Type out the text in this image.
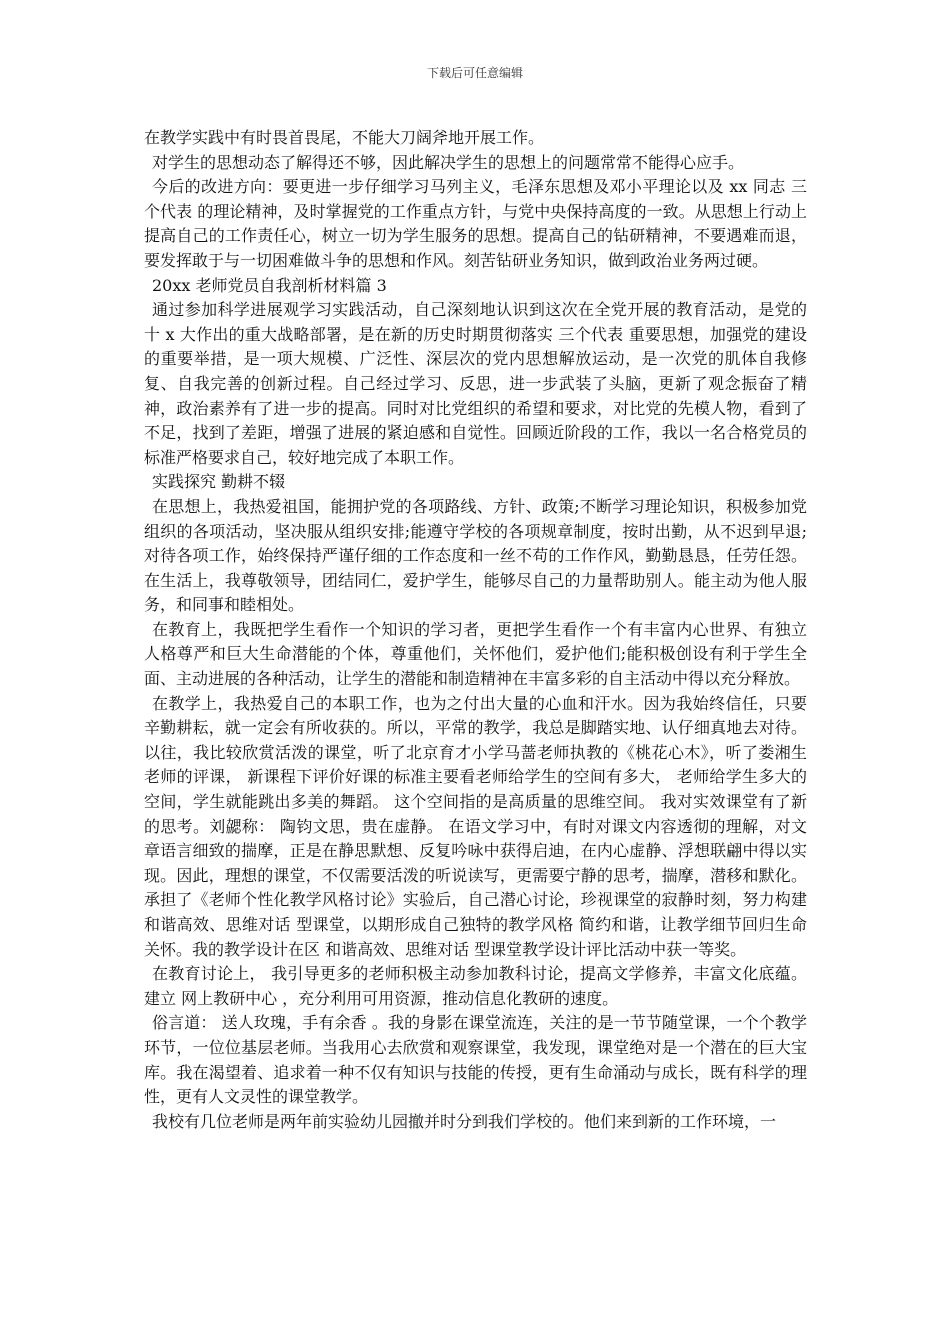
下载后可任意编辑

在教学实践中有时畏首畏尾，不能大刀阔斧地开展工作。

对学生的思想动态了解得还不够，因此解决学生的思想上的问题常常不能得心应手。

今后的改进方向：要更进一步仔细学习马列主义，毛泽东思想及邓小平理论以及 xx 同志 三个代表 的理论精神，及时掌握党的工作重点方针，与党中央保持高度的一致。从思想上行动上提高自己的工作责任心，树立一切为学生服务的思想。提高自己的钻研精神，不要遇难而退，要发挥敢于与一切困难做斗争的思想和作风。刻苦钻研业务知识，做到政治业务两过硬。

20xx 老师党员自我剖析材料篇 3

通过参加科学进展观学习实践活动，自己深刻地认识到这次在全党开展的教育活动，是党的十 x 大作出的重大战略部署，是在新的历史时期贯彻落实 三个代表 重要思想，加强党的建设的重要举措，是一项大规模、广泛性、深层次的党内思想解放运动，是一次党的肌体自我修复、自我完善的创新过程。自己经过学习、反思，进一步武装了头脑，更新了观念振奋了精神，政治素养有了进一步的提高。同时对比党组织的希望和要求，对比党的先模人物，看到了不足，找到了差距，增强了进展的紧迫感和自觉性。回顾近阶段的工作，我以一名合格党员的标准严格要求自己，较好地完成了本职工作。

实践探究 勤耕不辍

在思想上，我热爱祖国，能拥护党的各项路线、方针、政策;不断学习理论知识，积极参加党组织的各项活动，坚决服从组织安排;能遵守学校的各项规章制度，按时出勤，从不迟到早退;对待各项工作，始终保持严谨仔细的工作态度和一丝不苟的工作作风，勤勤恳恳，任劳任怨。在生活上，我尊敬领导，团结同仁，爱护学生，能够尽自己的力量帮助别人。能主动为他人服务，和同事和睦相处。

在教育上，我既把学生看作一个知识的学习者，更把学生看作一个有丰富内心世界、有独立人格尊严和巨大生命潜能的个体，尊重他们，关怀他们，爱护他们;能积极创设有利于学生全面、主动进展的各种活动，让学生的潜能和制造精神在丰富多彩的自主活动中得以充分释放。

在教学上，我热爱自己的本职工作，也为之付出大量的心血和汗水。因为我始终信任，只要辛勤耕耘，就一定会有所收获的。所以，平常的教学，我总是脚踏实地、认仔细真地去对待。以往，我比较欣赏活泼的课堂，听了北京育才小学马蔷老师执教的《桃花心木》，听了娄湘生老师的评课， 新课程下评价好课的标准主要看老师给学生的空间有多大， 老师给学生多大的空间，学生就能跳出多美的舞蹈。 这个空间指的是高质量的思维空间。 我对实效课堂有了新的思考。刘勰称： 陶钧文思，贵在虚静。 在语文学习中，有时对课文内容透彻的理解，对文章语言细致的揣摩，正是在静思默想、反复吟咏中获得启迪，在内心虚静、浮想联翩中得以实现。因此，理想的课堂，不仅需要活泼的听说读写，更需要宁静的思考，揣摩，潜移和默化。承担了《老师个性化教学风格讨论》实验后，自己潜心讨论，珍视课堂的寂静时刻，努力构建 和谐高效、思维对话 型课堂，以期形成自己独特的教学风格 简约和谐，让教学细节回归生命关怀。我的教学设计在区 和谐高效、思维对话 型课堂教学设计评比活动中获一等奖。

在教育讨论上， 我引导更多的老师积极主动参加教科讨论，提高文学修养，丰富文化底蕴。建立 网上教研中心 ，充分利用可用资源，推动信息化教研的速度。

俗言道： 送人玫瑰，手有余香 。我的身影在课堂流连，关注的是一节节随堂课，一个个教学环节，一位位基层老师。当我用心去欣赏和观察课堂，我发现，课堂绝对是一个潜在的巨大宝库。我在渴望着、追求着一种不仅有知识与技能的传授，更有生命涌动与成长，既有科学的理性，更有人文灵性的课堂教学。

我校有几位老师是两年前实验幼儿园撤并时分到我们学校的。他们来到新的工作环境，一
